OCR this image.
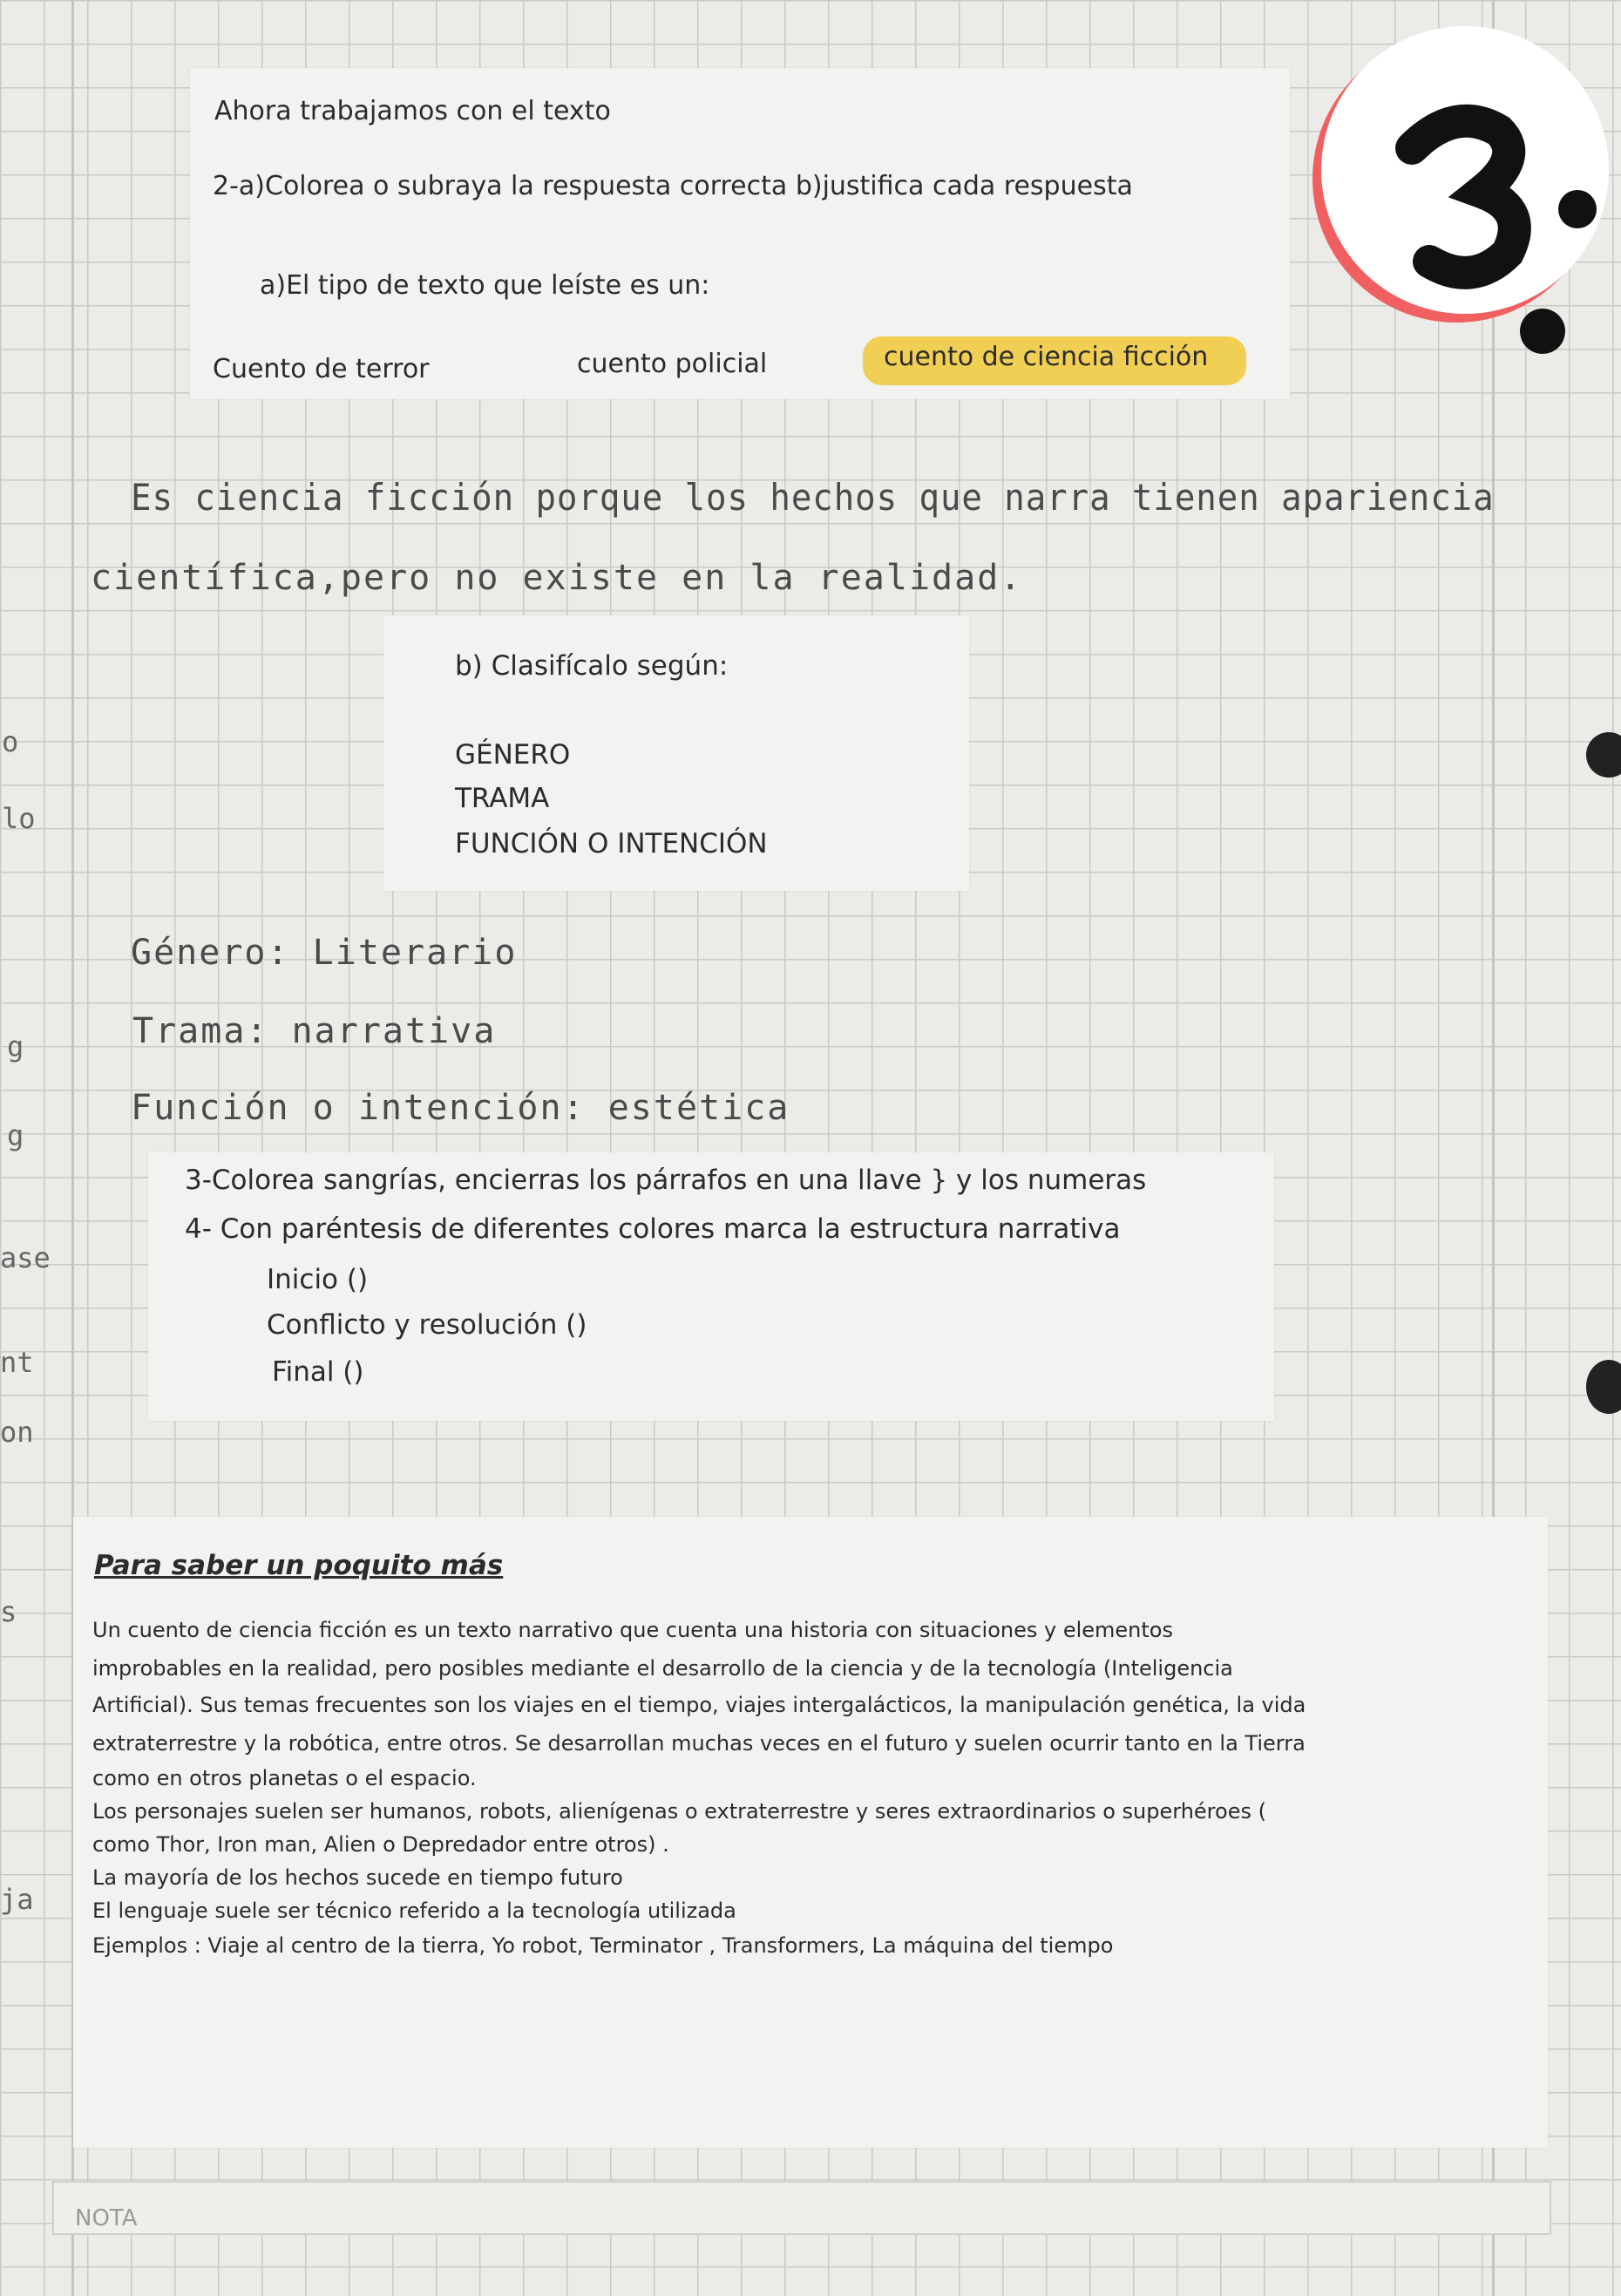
o
lo
g
g
ase
nt
on
s
ja
Ahora trabajamos con el texto
2-a)Colorea o subraya la respuesta correcta b)justifica cada respuesta
a)El tipo de texto que leíste es un:
Cuento de terror	cuento policial	cuento de ciencia ficción
Es ciencia ficción porque los hechos que narra tienen apariencia
científica,pero no existe en la realidad.
b) Clasifícalo según:
GÉNERO
TRAMA
FUNCIÓN O INTENCIÓN
Género: Literario
Trama: narrativa
Función o intención: estética
3-Colorea sangrías, encierras los párrafos en una llave } y los numeras
4- Con paréntesis de diferentes colores marca la estructura narrativa
Inicio ()
Conflicto y resolución ()
Final ()
Para saber un poquito más
Un cuento de ciencia ficción es un texto narrativo que cuenta una historia con situaciones y elementos
improbables en la realidad, pero posibles mediante el desarrollo de la ciencia y de la tecnología (Inteligencia
Artificial). Sus temas frecuentes son los viajes en el tiempo, viajes intergalácticos, la manipulación genética, la vida
extraterrestre y la robótica, entre otros. Se desarrollan muchas veces en el futuro y suelen ocurrir tanto en la Tierra
como en otros planetas o el espacio.
Los personajes suelen ser humanos, robots, alienígenas o extraterrestre y seres extraordinarios o superhéroes (
como Thor, Iron man, Alien o Depredador entre otros) .
La mayoría de los hechos sucede en tiempo futuro
El lenguaje suele ser técnico referido a la tecnología utilizada
Ejemplos : Viaje al centro de la tierra, Yo robot, Terminator , Transformers, La máquina del tiempo
NOTA
